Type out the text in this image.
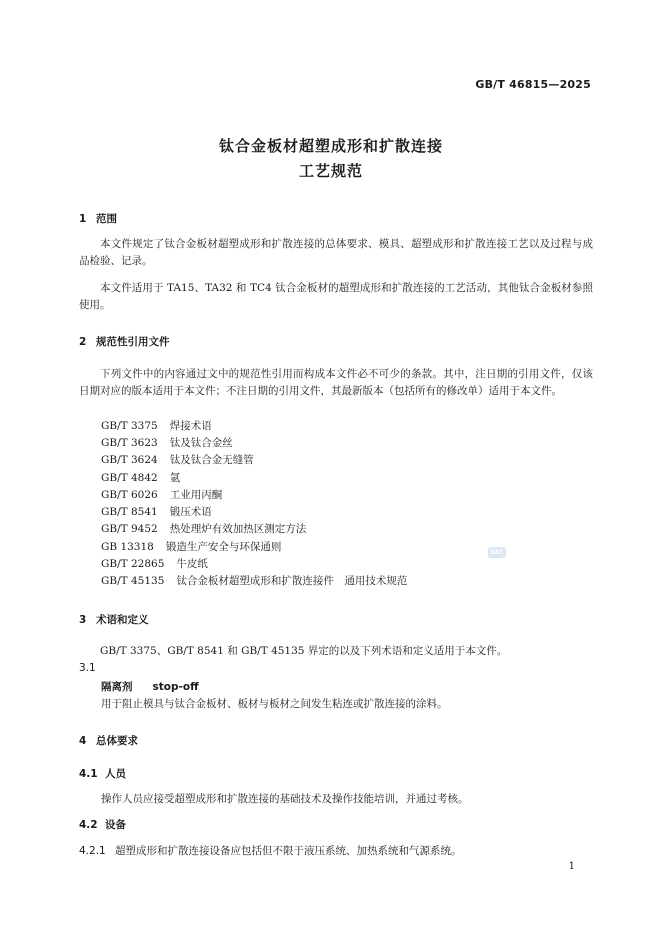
GB/T 46815—2025
钛合金板材超塑成形和扩散连接
工艺规范
1 范围

本文件规定了钛合金板材超塑成形和扩散连接的总体要求、模具、超塑成形和扩散连接工艺以及过程与成品检验、记录。

本文件适用于 TA15、TA32 和 TC4 钛合金板材的超塑成形和扩散连接的工艺活动，其他钛合金板材参照使用。

2 规范性引用文件

下列文件中的内容通过文中的规范性引用而构成本文件必不可少的条款。其中，注日期的引用文件，仅该日期对应的版本适用于本文件；不注日期的引用文件，其最新版本（包括所有的修改单）适用于本文件。

GB/T 3375 焊接术语
GB/T 3623 钛及钛合金丝
GB/T 3624 钛及钛合金无缝管
GB/T 4842 氩
GB/T 6026 工业用丙酮
GB/T 8541 锻压术语
GB/T 9452 热处理炉有效加热区测定方法
GB 13318 锻造生产安全与环保通则
GB/T 22865 牛皮纸
GB/T 45135 钛合金板材超塑成形和扩散连接件　通用技术规范
SAC
3 术语和定义

GB/T 3375、GB/T 8541 和 GB/T 45135 界定的以及下列术语和定义适用于本文件。

3.1
隔离剂 stop-off
用于阻止模具与钛合金板材、板材与板材之间发生粘连或扩散连接的涂料。
4 总体要求
4.1 人员
操作人员应接受超塑成形和扩散连接的基础技术及操作技能培训，并通过考核。
4.2 设备
4.2.1 超塑成形和扩散连接设备应包括但不限于液压系统、加热系统和气源系统。
1
